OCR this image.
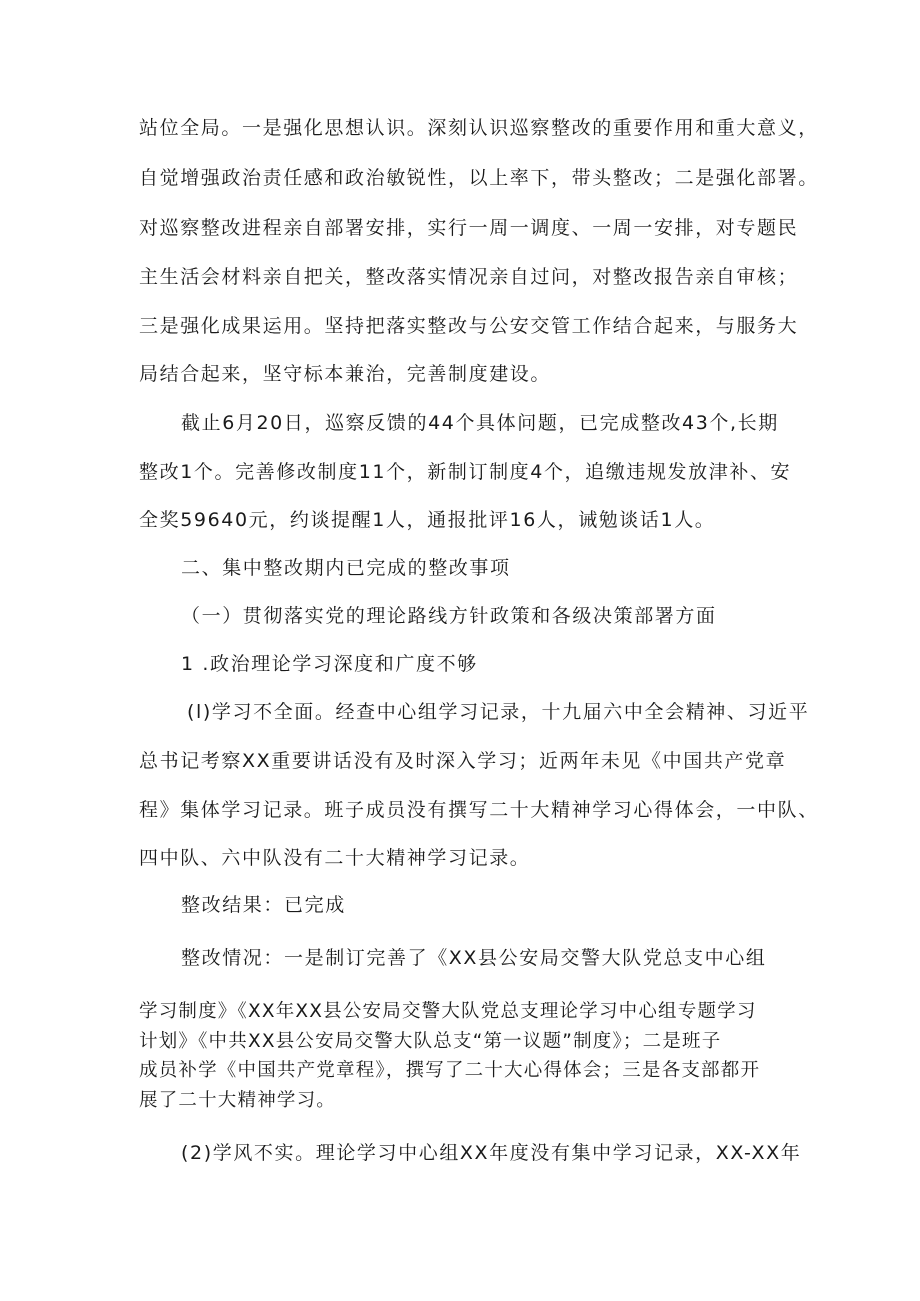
站位全局。一是强化思想认识。深刻认识巡察整改的重要作用和重大意义，
自觉增强政治责任感和政治敏锐性，以上率下，带头整改；二是强化部署。
对巡察整改进程亲自部署安排，实行一周一调度、一周一安排，对专题民
主生活会材料亲自把关，整改落实情况亲自过问，对整改报告亲自审核；
三是强化成果运用。坚持把落实整改与公安交管工作结合起来，与服务大
局结合起来，坚守标本兼治，完善制度建设。
截止6月20日，巡察反馈的44个具体问题，已完成整改43个,长期
整改1个。完善修改制度11个，新制订制度4个，追缴违规发放津补、安
全奖59640元，约谈提醒1人，通报批评16人，诫勉谈话1人。
二、集中整改期内已完成的整改事项
（一）贯彻落实党的理论路线方针政策和各级决策部署方面
1 .政治理论学习深度和广度不够
(l)学习不全面。经查中心组学习记录，十九届六中全会精神、习近平
总书记考察XX重要讲话没有及时深入学习；近两年未见《中国共产党章
程》集体学习记录。班子成员没有撰写二十大精神学习心得体会，一中队、
四中队、六中队没有二十大精神学习记录。
整改结果：已完成
整改情况：一是制订完善了《XX县公安局交警大队党总支中心组
学习制度》《XX年XX县公安局交警大队党总支理论学习中心组专题学习
计划》《中共XX县公安局交警大队总支“第一议题”制度》；二是班子
成员补学《中国共产党章程》，撰写了二十大心得体会；三是各支部都开
展了二十大精神学习。
(2)学风不实。理论学习中心组XX年度没有集中学习记录，XX-XX年
